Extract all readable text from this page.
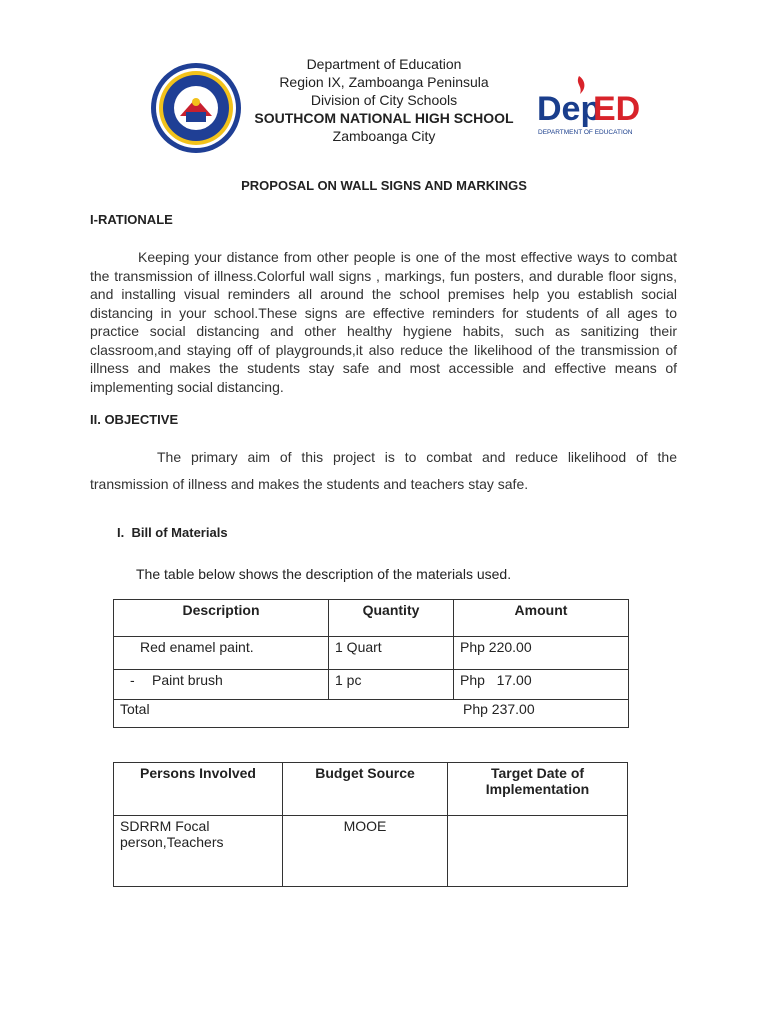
Dep
ED
DEPARTMENT OF EDUCATION
Department of Education
Region IX, Zamboanga Peninsula
Division of City Schools
SOUTHCOM NATIONAL HIGH SCHOOL
Zamboanga City
PROPOSAL ON WALL SIGNS AND MARKINGS
I-RATIONALE

Keeping your distance from other people is one of the most effective ways to combat the transmission of illness.Colorful wall signs , markings, fun posters, and durable floor signs, and installing visual reminders all around the school premises help you establish social distancing in your school.These signs are effective reminders for students of all ages to practice social distancing and other healthy hygiene habits, such as sanitizing their classroom,and staying off of playgrounds,it also reduce the likelihood of the transmission of illness and makes the students stay safe and most accessible and effective means of implementing social distancing.

II. OBJECTIVE

The primary aim of this project is to combat and reduce likelihood of the transmission of illness and makes the students and teachers stay safe.

I. Bill of Materials
The table below shows the description of the materials used.
Description	Quantity	Amount
Red enamel paint.	1 Quart	Php 220.00
- Paint brush	1 pc	Php   17.00
Total Php 237.00		
Persons Involved	Budget Source	Target Date of Implementation
SDRRM Focal person,Teachers	MOOE	
